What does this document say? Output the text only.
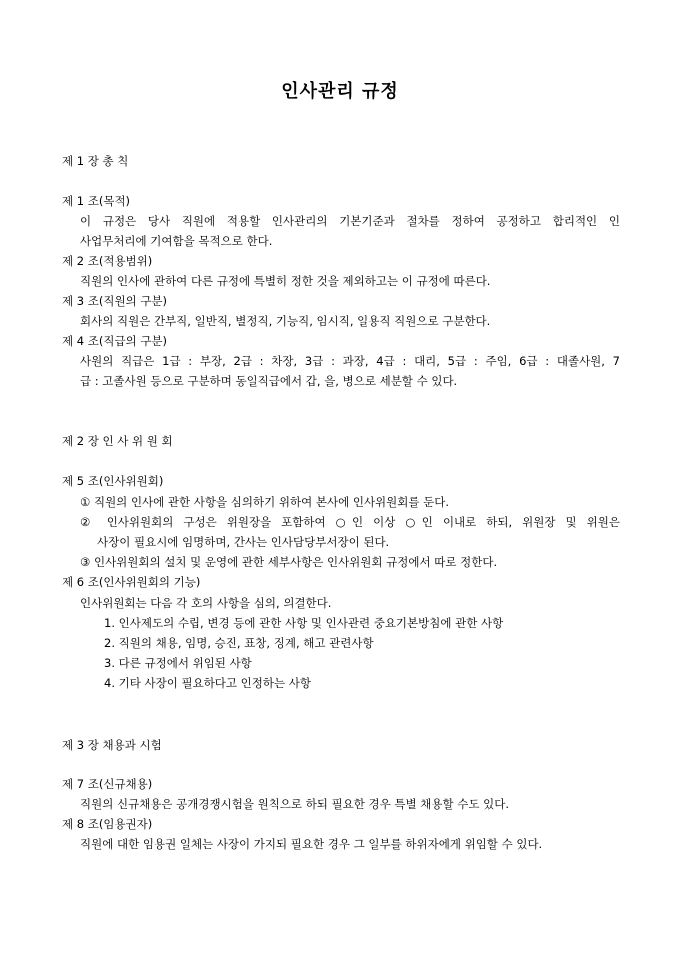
인사관리 규정
제 1 장 총 칙
제 1 조(목적)
이 규정은 당사 직원에 적용할 인사관리의 기본기준과 절차를 정하여 공정하고 합리적인 인
사업무처리에 기여함을 목적으로 한다.
제 2 조(적용범위)
직원의 인사에 관하여 다른 규정에 특별히 정한 것을 제외하고는 이 규정에 따른다.
제 3 조(직원의 구분)
회사의 직원은 간부직, 일반직, 별정직, 기능직, 임시직, 일용직 직원으로 구분한다.
제 4 조(직급의 구분)
사원의 직급은 1급 : 부장, 2급 : 차장, 3급 : 과장, 4급 : 대리, 5급 : 주임, 6급 : 대졸사원, 7
급 : 고졸사원 등으로 구분하며 동일직급에서 갑, 을, 병으로 세분할 수 있다.
제 2 장 인 사 위 원 회
제 5 조(인사위원회)
① 직원의 인사에 관한 사항을 심의하기 위하여 본사에 인사위원회를 둔다.
② 인사위원회의 구성은 위원장을 포함하여 ○인 이상 ○인 이내로 하되, 위원장 및 위원은
사장이 필요시에 임명하며, 간사는 인사담당부서장이 된다.
③ 인사위원회의 설치 및 운영에 관한 세부사항은 인사위원회 규정에서 따로 정한다.
제 6 조(인사위원회의 기능)
인사위원회는 다음 각 호의 사항을 심의, 의결한다.
1. 인사제도의 수립, 변경 등에 관한 사항 및 인사관련 중요기본방침에 관한 사항
2. 직원의 채용, 임명, 승진, 표창, 징계, 해고 관련사항
3. 다른 규정에서 위임된 사항
4. 기타 사장이 필요하다고 인정하는 사항
제 3 장 채용과 시험
제 7 조(신규채용)
직원의 신규채용은 공개경쟁시험을 원칙으로 하되 필요한 경우 특별 채용할 수도 있다.
제 8 조(임용권자)
직원에 대한 임용권 일체는 사장이 가지되 필요한 경우 그 일부를 하위자에게 위임할 수 있다.
